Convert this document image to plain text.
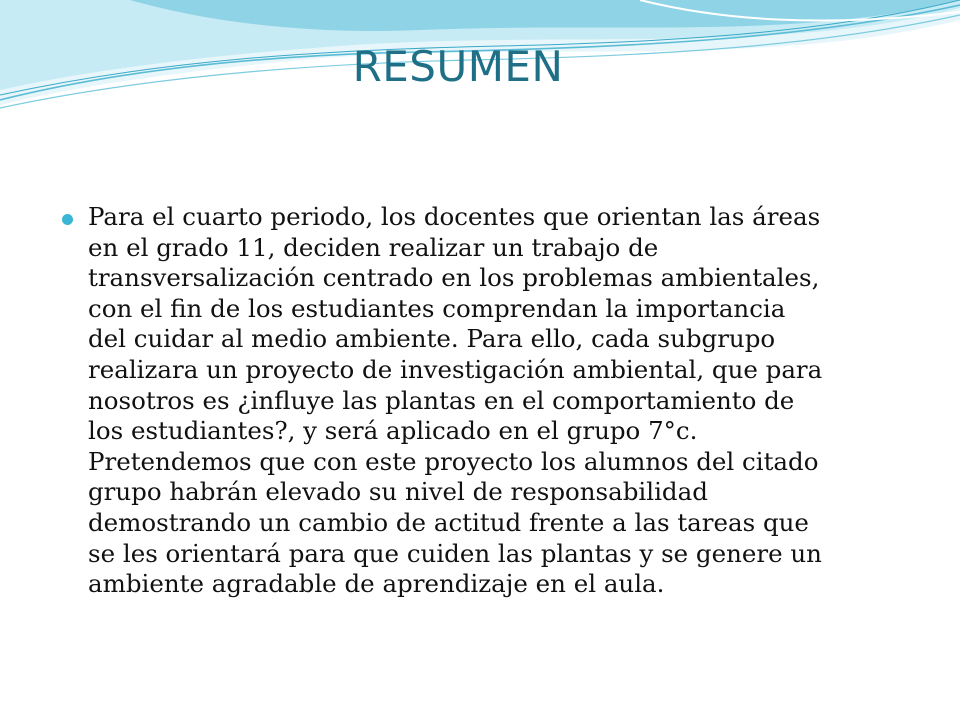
RESUMEN

Para el cuarto periodo, los docentes que orientan las áreas
en el grado 11, deciden realizar un trabajo de
transversalización centrado en los problemas ambientales,
con el fin de los estudiantes comprendan la importancia
del cuidar al medio ambiente. Para ello, cada subgrupo
realizara un proyecto de investigación ambiental, que para
nosotros es ¿influye las plantas en el comportamiento de
los estudiantes?, y será aplicado en el grupo 7°c.
Pretendemos que con este proyecto los alumnos del citado
grupo habrán elevado su nivel de responsabilidad
demostrando un cambio de actitud frente a las tareas que
se les orientará para que cuiden las plantas y se genere un
ambiente agradable de aprendizaje en el aula.
